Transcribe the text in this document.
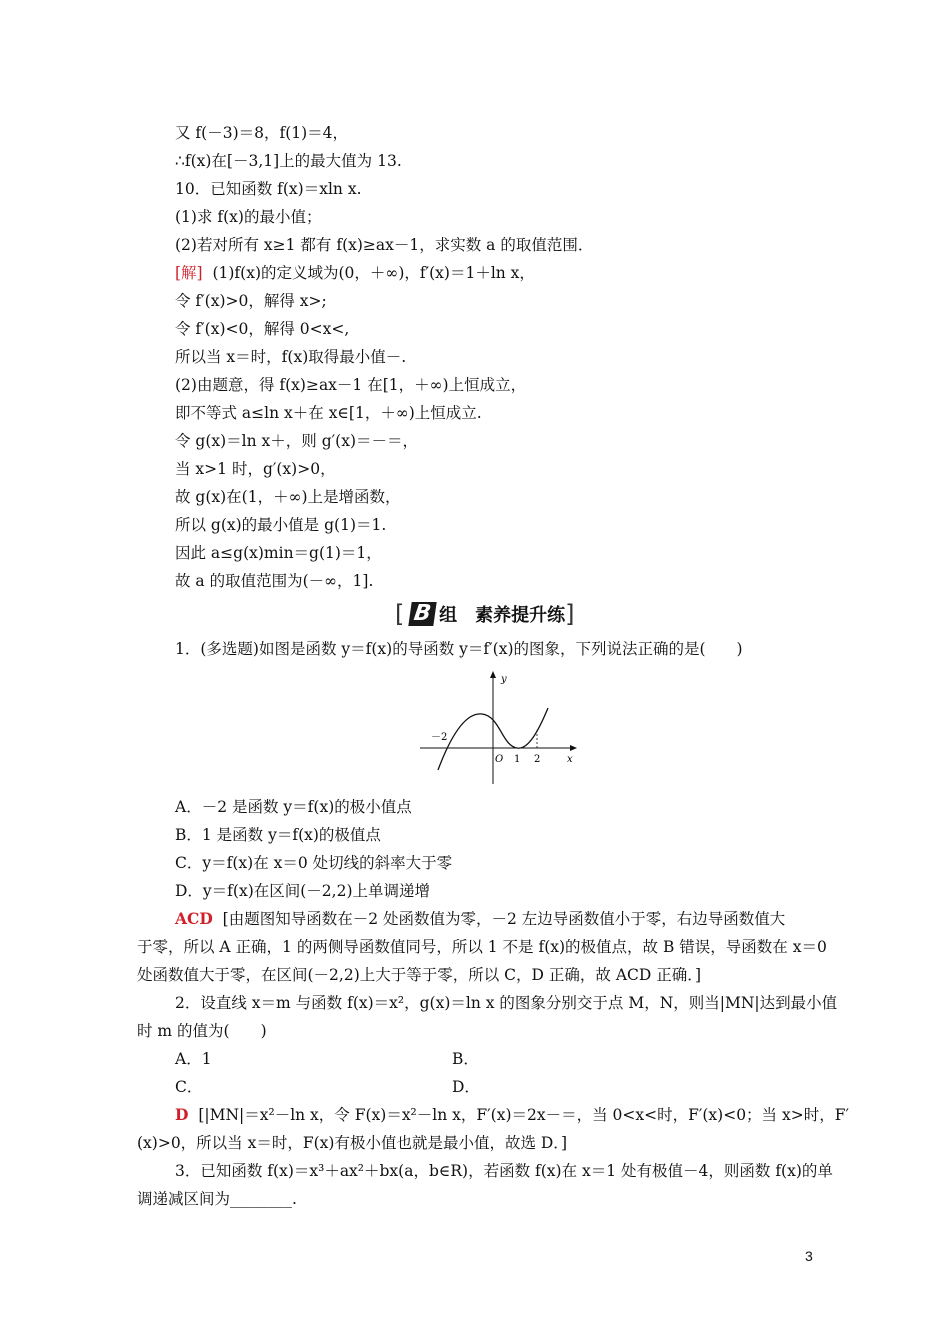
又 f(－3)＝8，f(1)＝4，
∴f(x)在[－3,1]上的最大值为 13.
10．已知函数 f(x)＝xln x.
(1)求 f(x)的最小值；
(2)若对所有 x≥1 都有 f(x)≥ax－1，求实数 a 的取值范围．
[解] (1)f(x)的定义域为(0，＋∞)，f′(x)＝1＋ln x，
令 f′(x)>0，解得 x>;
令 f′(x)<0，解得 0<x<,
所以当 x＝时，f(x)取得最小值－.
(2)由题意，得 f(x)≥ax－1 在[1，＋∞)上恒成立，
即不等式 a≤ln x＋在 x∈[1，＋∞)上恒成立.
令 g(x)＝ln x＋，则 g′(x)＝－＝，
当 x>1 时，g′(x)>0，
故 g(x)在(1，＋∞)上是增函数，
所以 g(x)的最小值是 g(1)＝1.
因此 a≤g(x)min＝g(1)＝1，
故 a 的取值范围为(－∞，1].
[ B 组　素养提升练 ]
1．(多选题)如图是函数 y＝f(x)的导函数 y＝f′(x)的图象，下列说法正确的是(　　)
y
x
O
－2
1 2
A．－2 是函数 y＝f(x)的极小值点
B．1 是函数 y＝f(x)的极值点
C．y＝f(x)在 x＝0 处切线的斜率大于零
D．y＝f(x)在区间(－2,2)上单调递增
ACD [由题图知导函数在－2 处函数值为零，－2 左边导函数值小于零，右边导函数值大
于零，所以 A 正确，1 的两侧导函数值同号，所以 1 不是 f(x)的极值点，故 B 错误，导函数在 x＝0
处函数值大于零，在区间(－2,2)上大于等于零，所以 C，D 正确，故 ACD 正确．]
2．设直线 x＝m 与函数 f(x)＝x²，g(x)＝ln x 的图象分别交于点 M，N，则当|MN|达到最小值
时 m 的值为(　　)
A．1	B．
C．	D．
D [|MN|＝x²－ln x，令 F(x)＝x²－ln x，F′(x)＝2x－＝，当 0<x<时，F′(x)<0；当 x>时，F′
(x)>0，所以当 x＝时，F(x)有极小值也就是最小值，故选 D．]
3．已知函数 f(x)＝x³＋ax²＋bx(a，b∈R)，若函数 f(x)在 x＝1 处有极值－4，则函数 f(x)的单
调递减区间为________.
3
